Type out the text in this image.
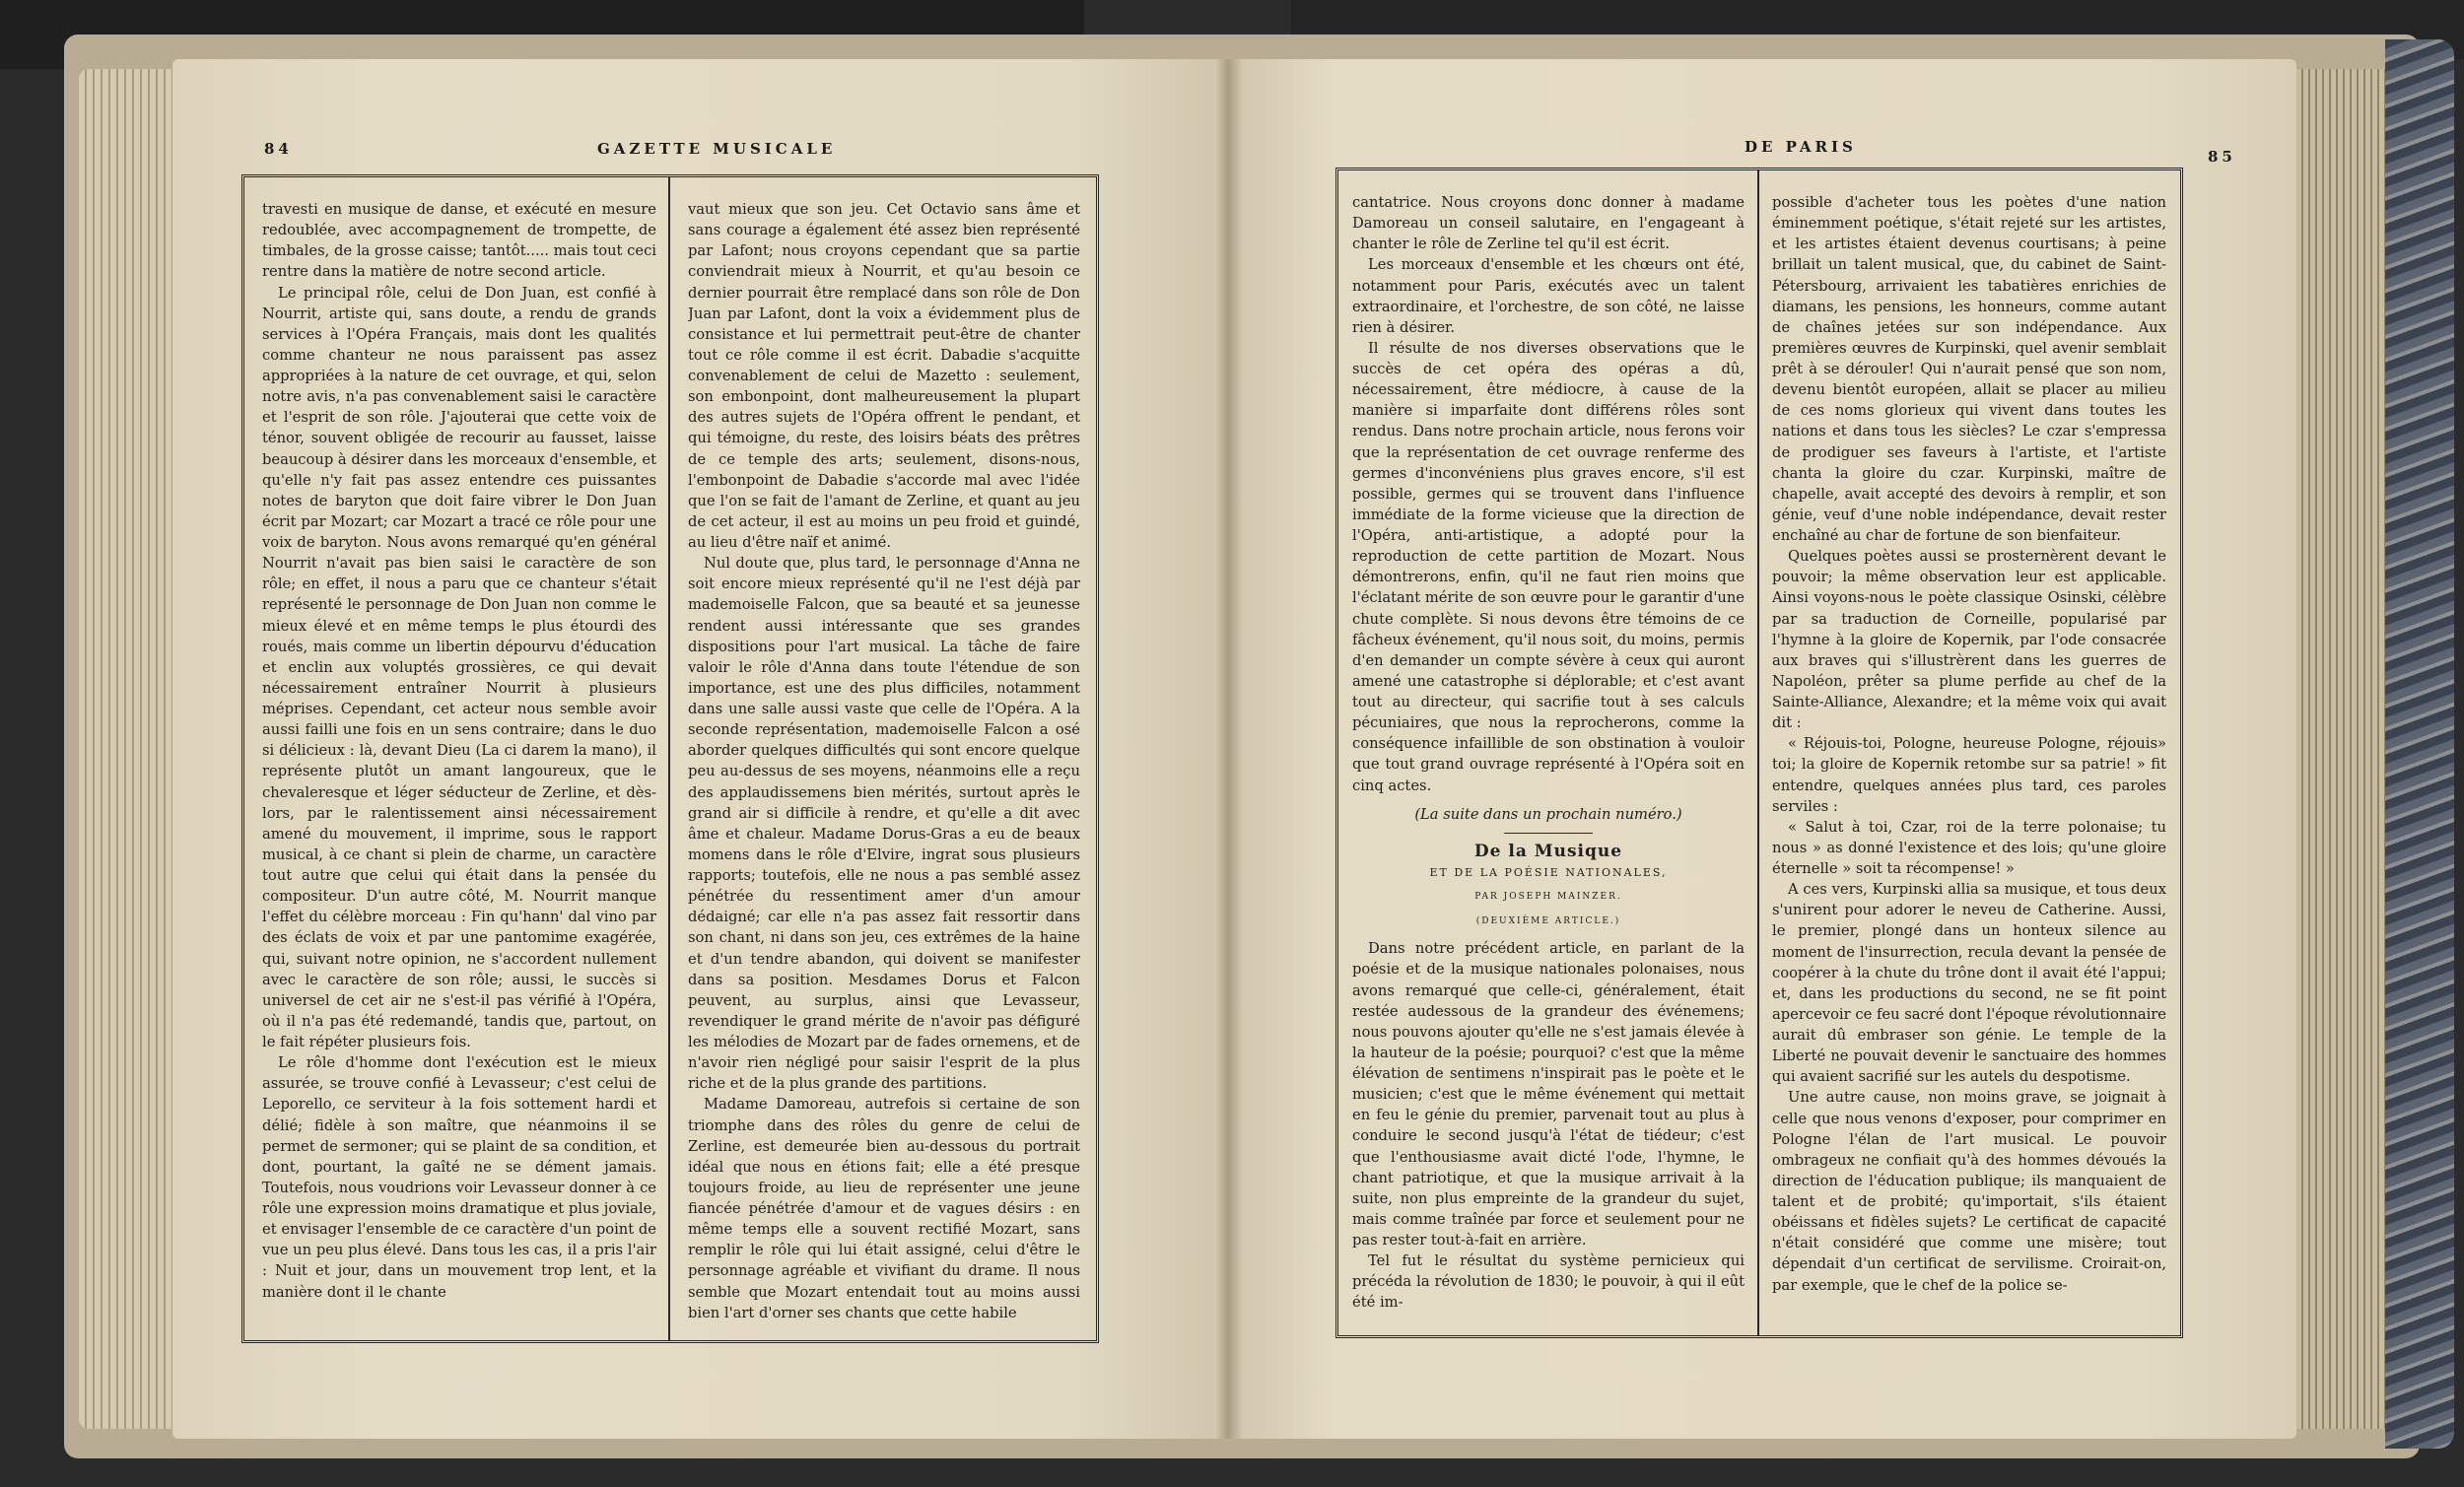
84	GAZETTE MUSICALE	DE PARIS
85

travesti en musique de danse, et exécuté en mesure redoublée, avec accompagnement de trompette, de timbales, de la grosse caisse; tantôt..... mais tout ceci rentre dans la matière de notre second article.

Le principal rôle, celui de Don Juan, est confié à Nourrit, artiste qui, sans doute, a rendu de grands services à l'Opéra Français, mais dont les qualités comme chanteur ne nous paraissent pas assez appropriées à la nature de cet ouvrage, et qui, selon notre avis, n'a pas convenablement saisi le caractère et l'esprit de son rôle. J'ajouterai que cette voix de ténor, souvent obligée de recourir au fausset, laisse beaucoup à désirer dans les morceaux d'ensemble, et qu'elle n'y fait pas assez entendre ces puissantes notes de baryton que doit faire vibrer le Don Juan écrit par Mozart; car Mozart a tracé ce rôle pour une voix de baryton. Nous avons remarqué qu'en général Nourrit n'avait pas bien saisi le caractère de son rôle; en effet, il nous a paru que ce chanteur s'était représenté le personnage de Don Juan non comme le mieux élevé et en même temps le plus étourdi des roués, mais comme un libertin dépourvu d'éducation et enclin aux voluptés grossières, ce qui devait nécessairement entraîner Nourrit à plusieurs méprises. Cependant, cet acteur nous semble avoir aussi failli une fois en un sens contraire; dans le duo si délicieux : là, devant Dieu (La ci darem la mano), il représente plutôt un amant langoureux, que le chevaleresque et léger séducteur de Zerline, et dès-lors, par le ralentissement ainsi nécessairement amené du mouvement, il imprime, sous le rapport musical, à ce chant si plein de charme, un caractère tout autre que celui qui était dans la pensée du compositeur. D'un autre côté, M. Nourrit manque l'effet du célèbre morceau : Fin qu'hann' dal vino par des éclats de voix et par une pantomime exagérée, qui, suivant notre opinion, ne s'accordent nullement avec le caractère de son rôle; aussi, le succès si universel de cet air ne s'est-il pas vérifié à l'Opéra, où il n'a pas été redemandé, tandis que, partout, on le fait répéter plusieurs fois.

Le rôle d'homme dont l'exécution est le mieux assurée, se trouve confié à Levasseur; c'est celui de Leporello, ce serviteur à la fois sottement hardi et délié; fidèle à son maître, que néanmoins il se permet de sermoner; qui se plaint de sa condition, et dont, pourtant, la gaîté ne se dément jamais. Toutefois, nous voudrions voir Levasseur donner à ce rôle une expression moins dramatique et plus joviale, et envisager l'ensemble de ce caractère d'un point de vue un peu plus élevé. Dans tous les cas, il a pris l'air : Nuit et jour, dans un mouvement trop lent, et la manière dont il le chante

vaut mieux que son jeu. Cet Octavio sans âme et sans courage a également été assez bien représenté par Lafont; nous croyons cependant que sa partie conviendrait mieux à Nourrit, et qu'au besoin ce dernier pourrait être remplacé dans son rôle de Don Juan par Lafont, dont la voix a évidemment plus de consistance et lui permettrait peut-être de chanter tout ce rôle comme il est écrit. Dabadie s'acquitte convenablement de celui de Mazetto : seulement, son embonpoint, dont malheureusement la plupart des autres sujets de l'Opéra offrent le pendant, et qui témoigne, du reste, des loisirs béats des prêtres de ce temple des arts; seulement, disons-nous, l'embonpoint de Dabadie s'accorde mal avec l'idée que l'on se fait de l'amant de Zerline, et quant au jeu de cet acteur, il est au moins un peu froid et guindé, au lieu d'être naïf et animé.

Nul doute que, plus tard, le personnage d'Anna ne soit encore mieux représenté qu'il ne l'est déjà par mademoiselle Falcon, que sa beauté et sa jeunesse rendent aussi intéressante que ses grandes dispositions pour l'art musical. La tâche de faire valoir le rôle d'Anna dans toute l'étendue de son importance, est une des plus difficiles, notamment dans une salle aussi vaste que celle de l'Opéra. A la seconde représentation, mademoiselle Falcon a osé aborder quelques difficultés qui sont encore quelque peu au-dessus de ses moyens, néanmoins elle a reçu des applaudissemens bien mérités, surtout après le grand air si difficile à rendre, et qu'elle a dit avec âme et chaleur. Madame Dorus-Gras a eu de beaux momens dans le rôle d'Elvire, ingrat sous plusieurs rapports; toutefois, elle ne nous a pas semblé assez pénétrée du ressentiment amer d'un amour dédaigné; car elle n'a pas assez fait ressortir dans son chant, ni dans son jeu, ces extrêmes de la haine et d'un tendre abandon, qui doivent se manifester dans sa position. Mesdames Dorus et Falcon peuvent, au surplus, ainsi que Levasseur, revendiquer le grand mérite de n'avoir pas défiguré les mélodies de Mozart par de fades ornemens, et de n'avoir rien négligé pour saisir l'esprit de la plus riche et de la plus grande des partitions.

Madame Damoreau, autrefois si certaine de son triomphe dans des rôles du genre de celui de Zerline, est demeurée bien au-dessous du portrait idéal que nous en étions fait; elle a été presque toujours froide, au lieu de représenter une jeune fiancée pénétrée d'amour et de vagues désirs : en même temps elle a souvent rectifié Mozart, sans remplir le rôle qui lui était assigné, celui d'être le personnage agréable et vivifiant du drame. Il nous semble que Mozart entendait tout au moins aussi bien l'art d'orner ses chants que cette habile

cantatrice. Nous croyons donc donner à madame Damoreau un conseil salutaire, en l'engageant à chanter le rôle de Zerline tel qu'il est écrit.

Les morceaux d'ensemble et les chœurs ont été, notamment pour Paris, exécutés avec un talent extraordinaire, et l'orchestre, de son côté, ne laisse rien à désirer.

Il résulte de nos diverses observations que le succès de cet opéra des opéras a dû, nécessairement, être médiocre, à cause de la manière si imparfaite dont différens rôles sont rendus. Dans notre prochain article, nous ferons voir que la représentation de cet ouvrage renferme des germes d'inconvéniens plus graves encore, s'il est possible, germes qui se trouvent dans l'influence immédiate de la forme vicieuse que la direction de l'Opéra, anti-artistique, a adopté pour la reproduction de cette partition de Mozart. Nous démontrerons, enfin, qu'il ne faut rien moins que l'éclatant mérite de son œuvre pour le garantir d'une chute complète. Si nous devons être témoins de ce fâcheux événement, qu'il nous soit, du moins, permis d'en demander un compte sévère à ceux qui auront amené une catastrophe si déplorable; et c'est avant tout au directeur, qui sacrifie tout à ses calculs pécuniaires, que nous la reprocherons, comme la conséquence infaillible de son obstination à vouloir que tout grand ouvrage représenté à l'Opéra soit en cinq actes.

(La suite dans un prochain numéro.)

De la Musique
ET DE LA POÉSIE NATIONALES,
PAR JOSEPH MAINZER.
(DEUXIÈME ARTICLE.)

Dans notre précédent article, en parlant de la poésie et de la musique nationales polonaises, nous avons remarqué que celle-ci, généralement, était restée audessous de la grandeur des événemens; nous pouvons ajouter qu'elle ne s'est jamais élevée à la hauteur de la poésie; pourquoi? c'est que la même élévation de sentimens n'inspirait pas le poète et le musicien; c'est que le même événement qui mettait en feu le génie du premier, parvenait tout au plus à conduire le second jusqu'à l'état de tiédeur; c'est que l'enthousiasme avait dicté l'ode, l'hymne, le chant patriotique, et que la musique arrivait à la suite, non plus empreinte de la grandeur du sujet, mais comme traînée par force et seulement pour ne pas rester tout-à-fait en arrière.

Tel fut le résultat du système pernicieux qui précéda la révolution de 1830; le pouvoir, à qui il eût été im-

possible d'acheter tous les poètes d'une nation éminemment poétique, s'était rejeté sur les artistes, et les artistes étaient devenus courtisans; à peine brillait un talent musical, que, du cabinet de Saint-Pétersbourg, arrivaient les tabatières enrichies de diamans, les pensions, les honneurs, comme autant de chaînes jetées sur son indépendance. Aux premières œuvres de Kurpinski, quel avenir semblait prêt à se dérouler! Qui n'aurait pensé que son nom, devenu bientôt européen, allait se placer au milieu de ces noms glorieux qui vivent dans toutes les nations et dans tous les siècles? Le czar s'empressa de prodiguer ses faveurs à l'artiste, et l'artiste chanta la gloire du czar. Kurpinski, maître de chapelle, avait accepté des devoirs à remplir, et son génie, veuf d'une noble indépendance, devait rester enchaîné au char de fortune de son bienfaiteur.

Quelques poètes aussi se prosternèrent devant le pouvoir; la même observation leur est applicable. Ainsi voyons-nous le poète classique Osinski, célèbre par sa traduction de Corneille, popularisé par l'hymne à la gloire de Kopernik, par l'ode consacrée aux braves qui s'illustrèrent dans les guerres de Napoléon, prêter sa plume perfide au chef de la Sainte-Alliance, Alexandre; et la même voix qui avait dit :

« Réjouis-toi, Pologne, heureuse Pologne, réjouis» toi; la gloire de Kopernik retombe sur sa patrie! » fit entendre, quelques années plus tard, ces paroles serviles :

« Salut à toi, Czar, roi de la terre polonaise; tu nous » as donné l'existence et des lois; qu'une gloire éternelle » soit ta récompense! »

A ces vers, Kurpinski allia sa musique, et tous deux s'unirent pour adorer le neveu de Catherine. Aussi, le premier, plongé dans un honteux silence au moment de l'insurrection, recula devant la pensée de coopérer à la chute du trône dont il avait été l'appui; et, dans les productions du second, ne se fit point apercevoir ce feu sacré dont l'époque révolutionnaire aurait dû embraser son génie. Le temple de la Liberté ne pouvait devenir le sanctuaire des hommes qui avaient sacrifié sur les autels du despotisme.

Une autre cause, non moins grave, se joignait à celle que nous venons d'exposer, pour comprimer en Pologne l'élan de l'art musical. Le pouvoir ombrageux ne confiait qu'à des hommes dévoués la direction de l'éducation publique; ils manquaient de talent et de probité; qu'importait, s'ils étaient obéissans et fidèles sujets? Le certificat de capacité n'était considéré que comme une misère; tout dépendait d'un certificat de servilisme. Croirait-on, par exemple, que le chef de la police se-
